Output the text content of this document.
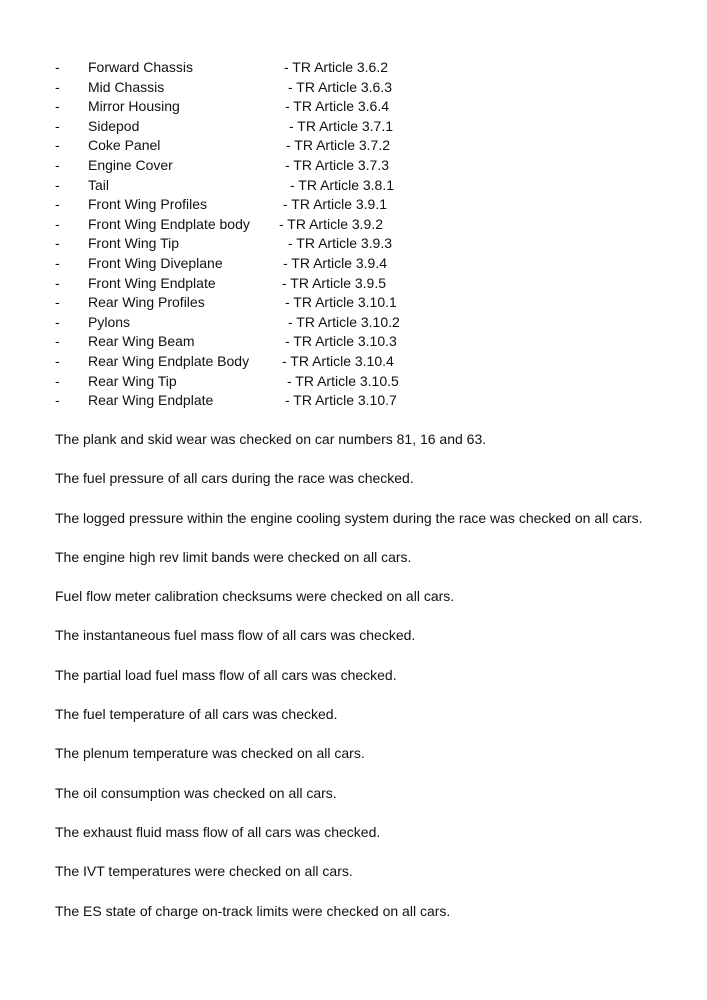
- Forward Chassis	- TR Article 3.6.2
- Mid Chassis	- TR Article 3.6.3
- Mirror Housing	- TR Article 3.6.4
- Sidepod	- TR Article 3.7.1
- Coke Panel	- TR Article 3.7.2
- Engine Cover	- TR Article 3.7.3
- Tail	- TR Article 3.8.1
- Front Wing Profiles	- TR Article 3.9.1
- Front Wing Endplate body - TR Article 3.9.2
- Front Wing Tip	- TR Article 3.9.3
- Front Wing Diveplane	- TR Article 3.9.4
- Front Wing Endplate	- TR Article 3.9.5
- Rear Wing Profiles	- TR Article 3.10.1
- Pylons	- TR Article 3.10.2
- Rear Wing Beam	- TR Article 3.10.3
- Rear Wing Endplate Body - TR Article 3.10.4
- Rear Wing Tip	- TR Article 3.10.5
- Rear Wing Endplate	- TR Article 3.10.7

The plank and skid wear was checked on car numbers 81, 16 and 63.

The fuel pressure of all cars during the race was checked.

The logged pressure within the engine cooling system during the race was checked on all cars.

The engine high rev limit bands were checked on all cars.

Fuel flow meter calibration checksums were checked on all cars.

The instantaneous fuel mass flow of all cars was checked.

The partial load fuel mass flow of all cars was checked.

The fuel temperature of all cars was checked.

The plenum temperature was checked on all cars.

The oil consumption was checked on all cars.

The exhaust fluid mass flow of all cars was checked.

The IVT temperatures were checked on all cars.

The ES state of charge on-track limits were checked on all cars.
